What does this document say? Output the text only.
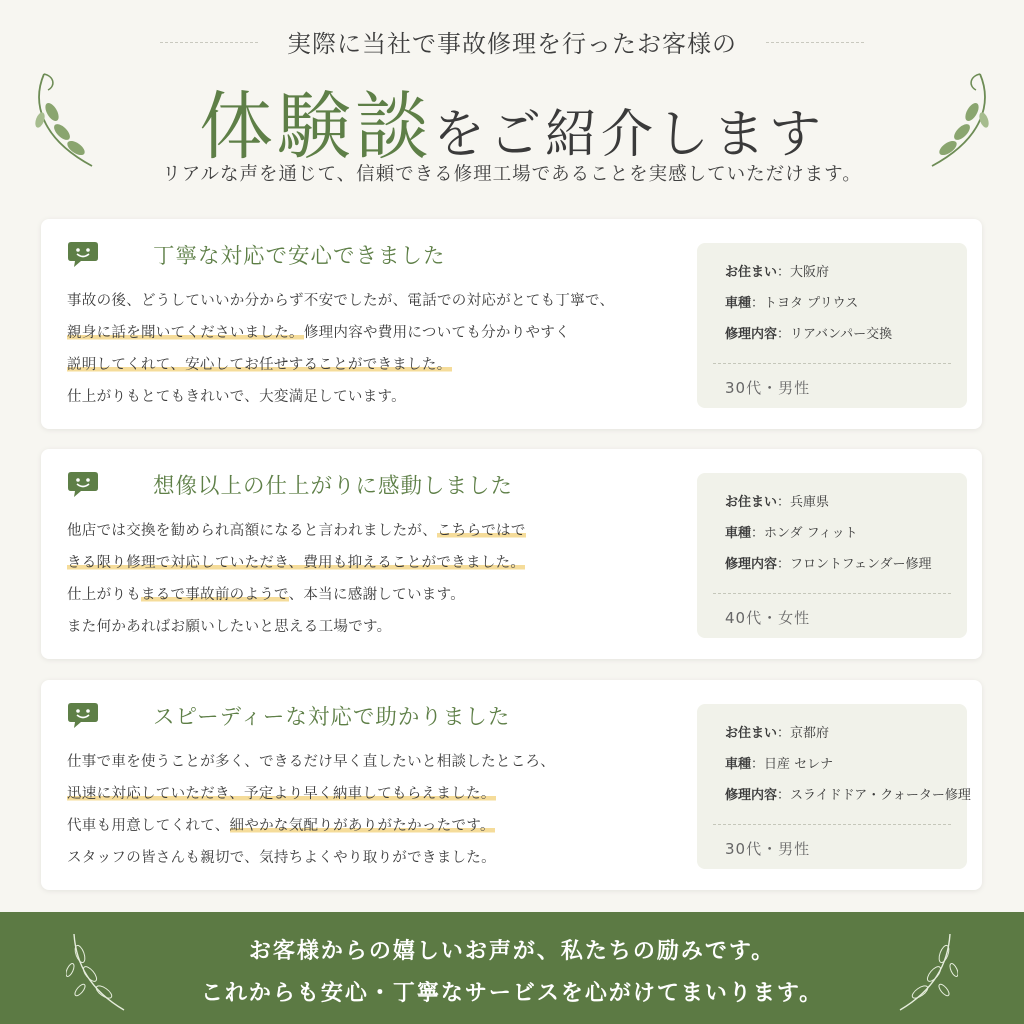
実際に当社で事故修理を行ったお客様の
体験談をご紹介します
リアルな声を通じて、信頼できる修理工場であることを実感していただけます。
丁寧な対応で安心できました
事故の後、どうしていいか分からず不安でしたが、電話での対応がとても丁寧で、
親身に話を聞いてくださいました。修理内容や費用についても分かりやすく
説明してくれて、安心してお任せすることができました。
仕上がりもとてもきれいで、大変満足しています。
お住まい：大阪府
車種：トヨタ プリウス
修理内容：リアバンパー交換
30代・男性
想像以上の仕上がりに感動しました
他店では交換を勧められ高額になると言われましたが、こちらではで
きる限り修理で対応していただき、費用も抑えることができました。
仕上がりもまるで事故前のようで、本当に感謝しています。
また何かあればお願いしたいと思える工場です。
お住まい：兵庫県
車種：ホンダ フィット
修理内容：フロントフェンダー修理
40代・女性
スピーディーな対応で助かりました
仕事で車を使うことが多く、できるだけ早く直したいと相談したところ、
迅速に対応していただき、予定より早く納車してもらえました。
代車も用意してくれて、細やかな気配りがありがたかったです。
スタッフの皆さんも親切で、気持ちよくやり取りができました。
お住まい：京都府
車種：日産 セレナ
修理内容：スライドドア・クォーター修理
30代・男性
お客様からの嬉しいお声が、私たちの励みです。
これからも安心・丁寧なサービスを心がけてまいります。
